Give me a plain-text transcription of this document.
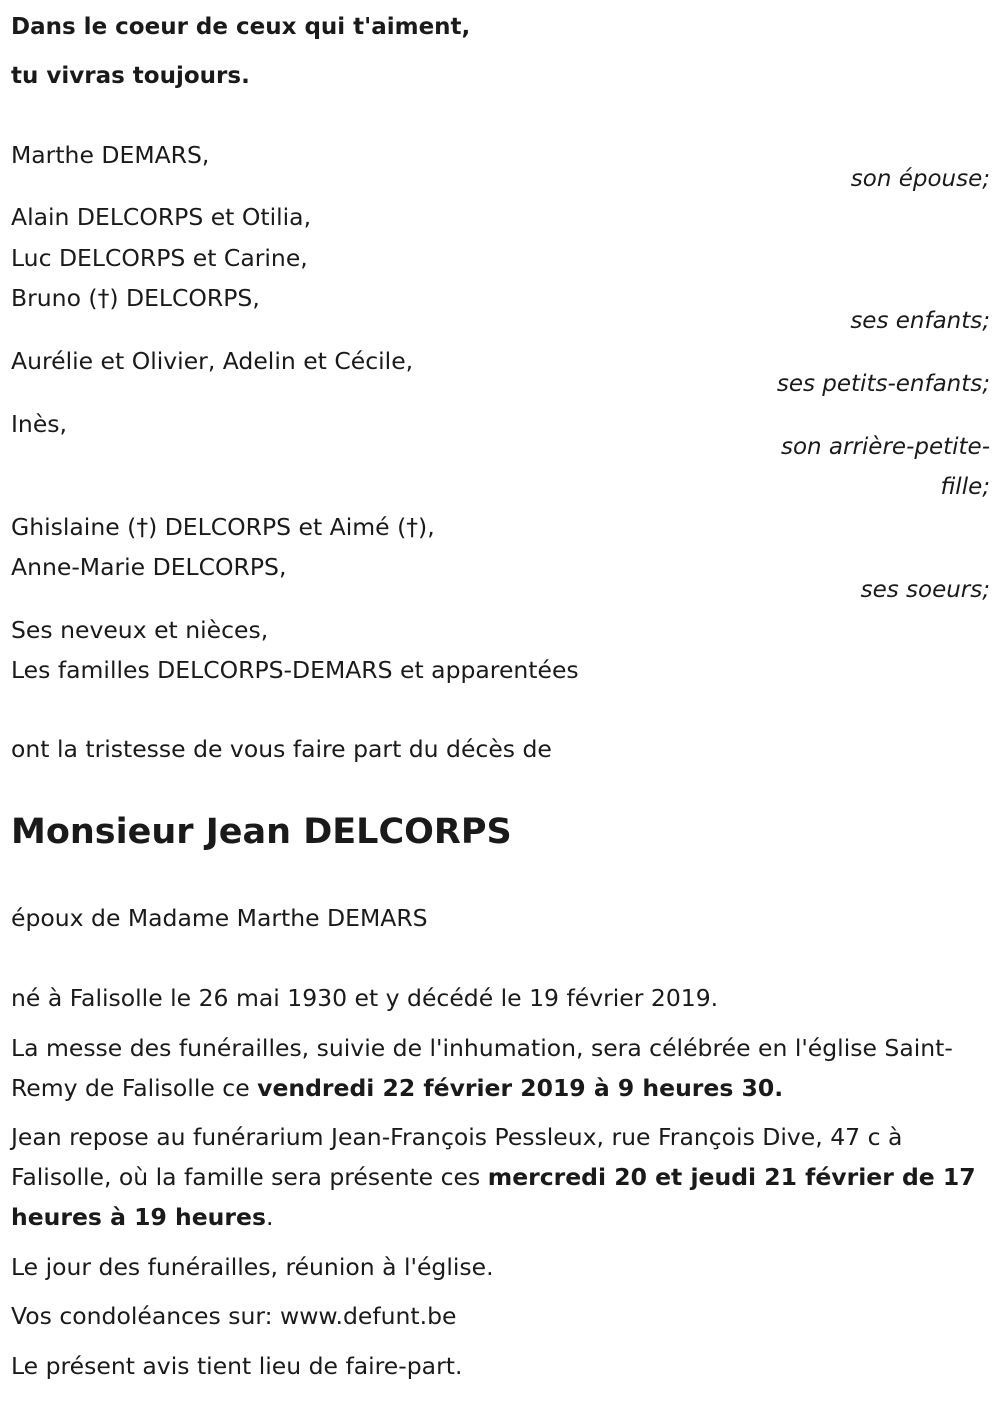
Dans le coeur de ceux qui t'aiment,
tu vivras toujours.
Marthe DEMARS,
son épouse;
Alain DELCORPS et Otilia,
Luc DELCORPS et Carine,
Bruno (†) DELCORPS,
ses enfants;
Aurélie et Olivier, Adelin et Cécile,
ses petits-enfants;
Inès,
son arrière-petite-
fille;
Ghislaine (†) DELCORPS et Aimé (†),
Anne-Marie DELCORPS,
ses soeurs;
Ses neveux et nièces,
Les familles DELCORPS-DEMARS et apparentées
ont la tristesse de vous faire part du décès de
Monsieur Jean DELCORPS
époux de Madame Marthe DEMARS
né à Falisolle le 26 mai 1930 et y décédé le 19 février 2019.
La messe des funérailles, suivie de l'inhumation, sera célébrée en l'église Saint-Remy de Falisolle ce vendredi 22 février 2019 à 9 heures 30.
Jean repose au funérarium Jean-François Pessleux, rue François Dive, 47 c à Falisolle, où la famille sera présente ces mercredi 20 et jeudi 21 février de 17 heures à 19 heures.
Le jour des funérailles, réunion à l'église.
Vos condoléances sur: www.defunt.be
Le présent avis tient lieu de faire-part.
